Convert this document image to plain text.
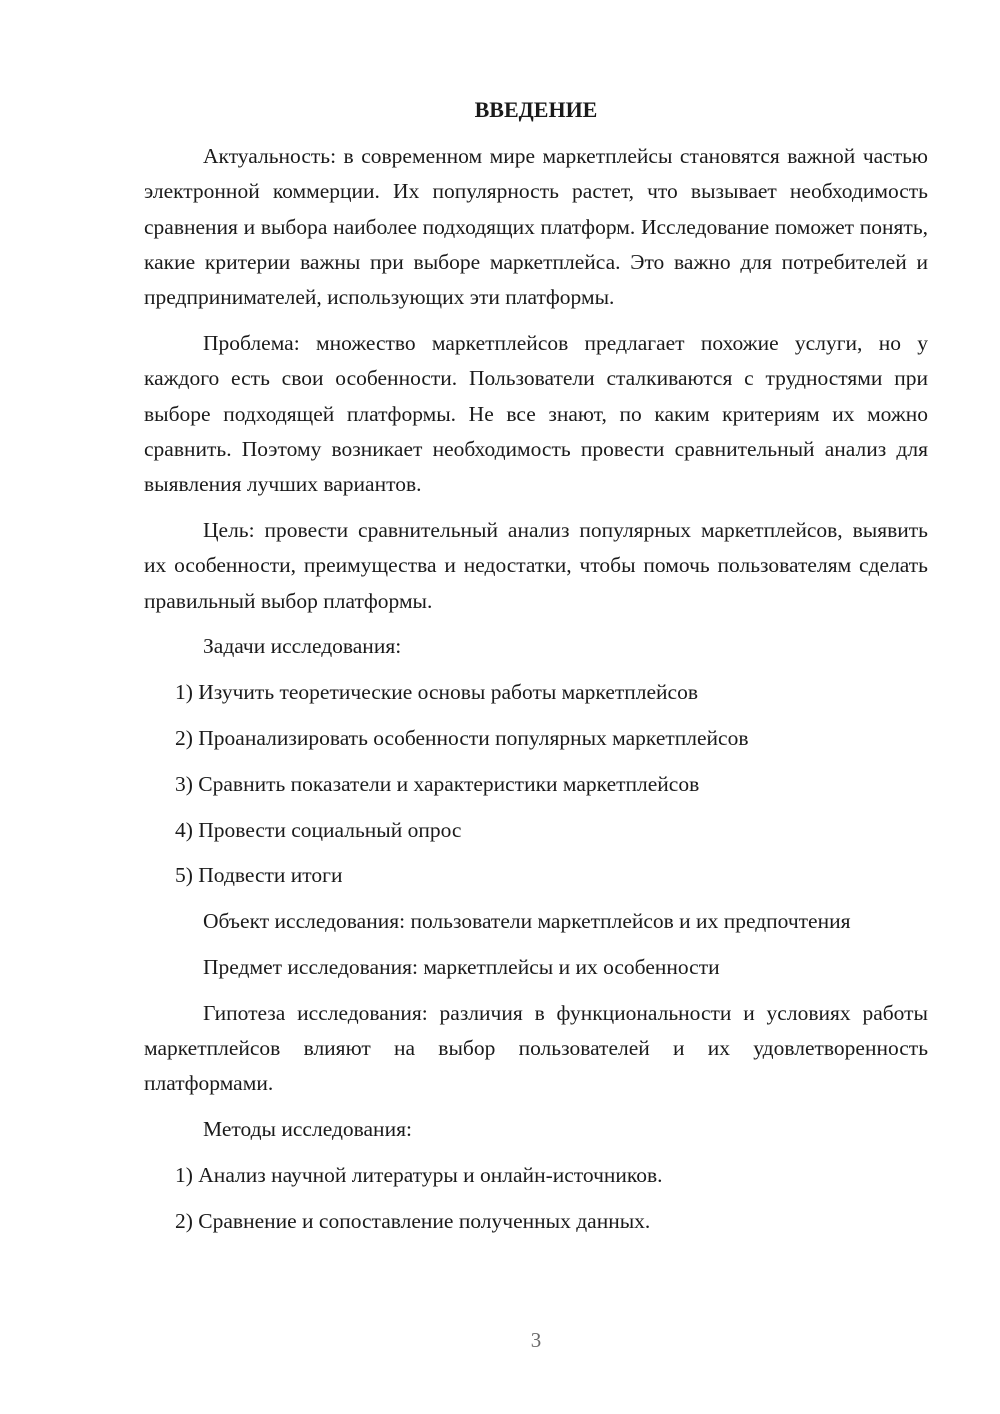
ВВЕДЕНИЕ

Актуальность: в современном мире маркетплейсы становятся важной частью электронной коммерции. Их популярность растет, что вызывает необходимость сравнения и выбора наиболее подходящих платформ. Исследование поможет понять, какие критерии важны при выборе маркетплейса. Это важно для потребителей и предпринимателей, использующих эти платформы.

Проблема: множество маркетплейсов предлагает похожие услуги, но у каждого есть свои особенности. Пользователи сталкиваются с трудностями при выборе подходящей платформы. Не все знают, по каким критериям их можно сравнить. Поэтому возникает необходимость провести сравнительный анализ для выявления лучших вариантов.

Цель: провести сравнительный анализ популярных маркетплейсов, выявить их особенности, преимущества и недостатки, чтобы помочь пользователям сделать правильный выбор платформы.

Задачи исследования:

1) Изучить теоретические основы работы маркетплейсов

2) Проанализировать особенности популярных маркетплейсов

3) Сравнить показатели и характеристики маркетплейсов

4) Провести социальный опрос

5) Подвести итоги

Объект исследования: пользователи маркетплейсов и их предпочтения

Предмет исследования: маркетплейсы и их особенности

Гипотеза исследования: различия в функциональности и условиях работы маркетплейсов влияют на выбор пользователей и их удовлетворенность платформами.

Методы исследования:

1) Анализ научной литературы и онлайн-источников.

2) Сравнение и сопоставление полученных данных.

3
